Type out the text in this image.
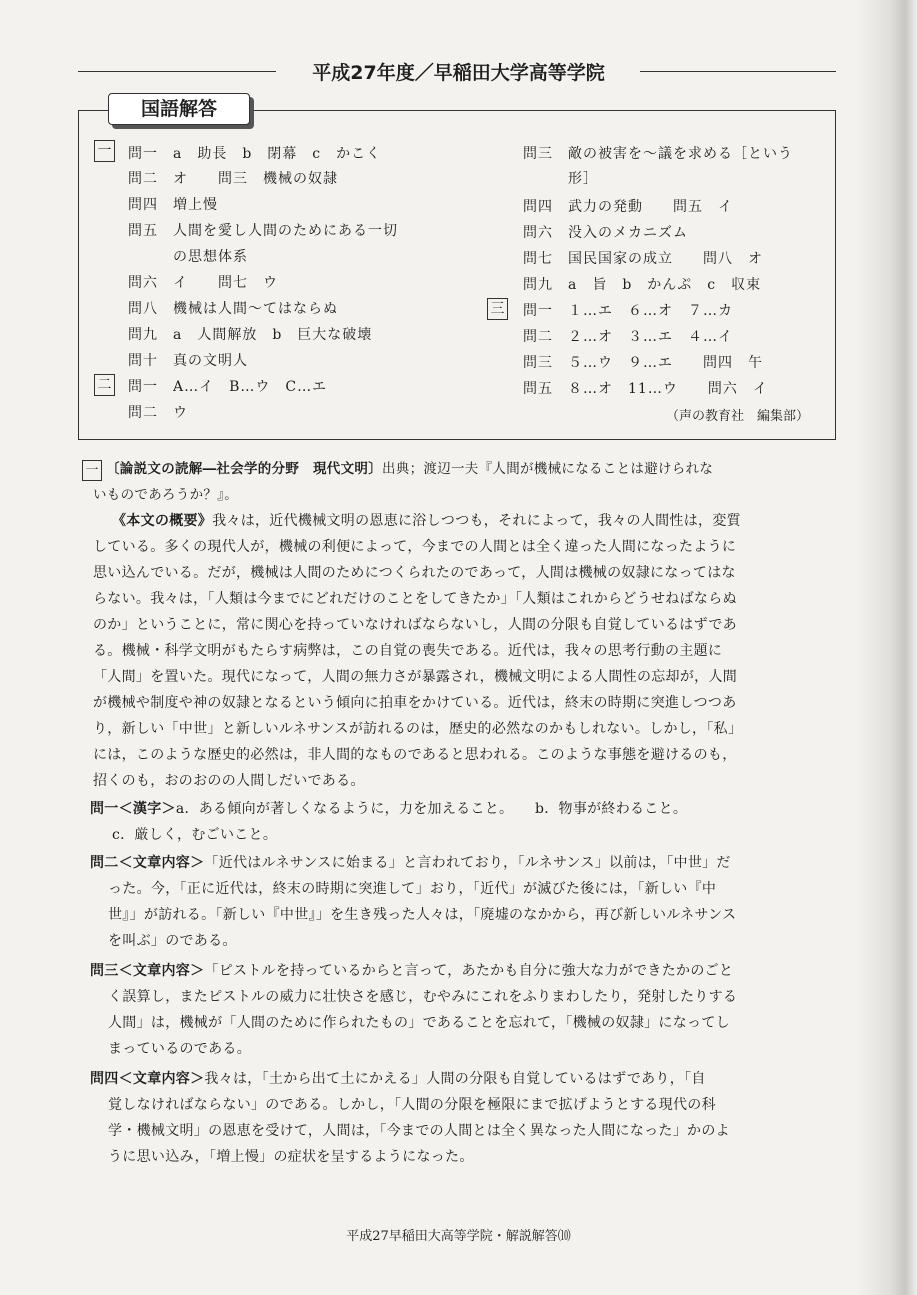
平成27年度／早稲田大学高等学院
国語解答
一
二
三
問一　a　助長　b　閉幕　c　かこく
問二　オ　　問三　機械の奴隷
問四　増上慢
問五　人間を愛し人間のためにある一切
　　　の思想体系
問六　イ　　問七　ウ
問八　機械は人間～てはならぬ
問九　a　人間解放　b　巨大な破壊
問十　真の文明人
問一　A…イ　B…ウ　C…エ
問二　ウ
問三　敵の被害を～議を求める［という
　　　形］
問四　武力の発動　　問五　イ
問六　没入のメカニズム
問七　国民国家の成立　　問八　オ
問九　a　旨　b　かんぷ　c　収束
問一　１…エ　６…オ　７…カ
問二　２…オ　３…エ　４…イ
問三　５…ウ　９…エ　　問四　午
問五　８…オ　11…ウ　　問六　イ
（声の教育社　編集部）
一 〔論説文の読解―社会学的分野　現代文明〕出典；渡辺一夫『人間が機械になることは避けられな
いものであろうか？』。
《本文の概要》我々は，近代機械文明の恩恵に浴しつつも，それによって，我々の人間性は，変質
している。多くの現代人が，機械の利便によって，今までの人間とは全く違った人間になったように
思い込んでいる。だが，機械は人間のためにつくられたのであって，人間は機械の奴隷になってはな
らない。我々は，「人類は今までにどれだけのことをしてきたか」「人類はこれからどうせねばならぬ
のか」ということに，常に関心を持っていなければならないし，人間の分限も自覚しているはずであ
る。機械・科学文明がもたらす病弊は，この自覚の喪失である。近代は，我々の思考行動の主題に
「人間」を置いた。現代になって，人間の無力さが暴露され，機械文明による人間性の忘却が，人間
が機械や制度や神の奴隷となるという傾向に拍車をかけている。近代は，終末の時期に突進しつつあ
り，新しい「中世」と新しいルネサンスが訪れるのは，歴史的必然なのかもしれない。しかし，「私」
には，このような歴史的必然は，非人間的なものであると思われる。このような事態を避けるのも，
招くのも，おのおのの人間しだいである。
問一＜漢字＞a．ある傾向が著しくなるように，力を加えること。　　b．物事が終わること。
c．厳しく，むごいこと。
問二＜文章内容＞「近代はルネサンスに始まる」と言われており，「ルネサンス」以前は，「中世」だ
った。今，「正に近代は，終末の時期に突進して」おり，「近代」が滅びた後には，「新しい『中
世』」が訪れる。「新しい『中世』」を生き残った人々は，「廃墟のなかから，再び新しいルネサンス
を叫ぶ」のである。
問三＜文章内容＞「ピストルを持っているからと言って，あたかも自分に強大な力ができたかのごと
く誤算し，またピストルの威力に壮快さを感じ，むやみにこれをふりまわしたり，発射したりする
人間」は，機械が「人間のために作られたもの」であることを忘れて，「機械の奴隷」になってし
まっているのである。
問四＜文章内容＞我々は，「土から出て土にかえる」人間の分限も自覚しているはずであり，「自
覚しなければならない」のである。しかし，「人間の分限を極限にまで拡げようとする現代の科
学・機械文明」の恩恵を受けて，人間は，「今までの人間とは全く異なった人間になった」かのよ
うに思い込み，「増上慢」の症状を呈するようになった。
平成27早稲田大高等学院・解説解答⑽
